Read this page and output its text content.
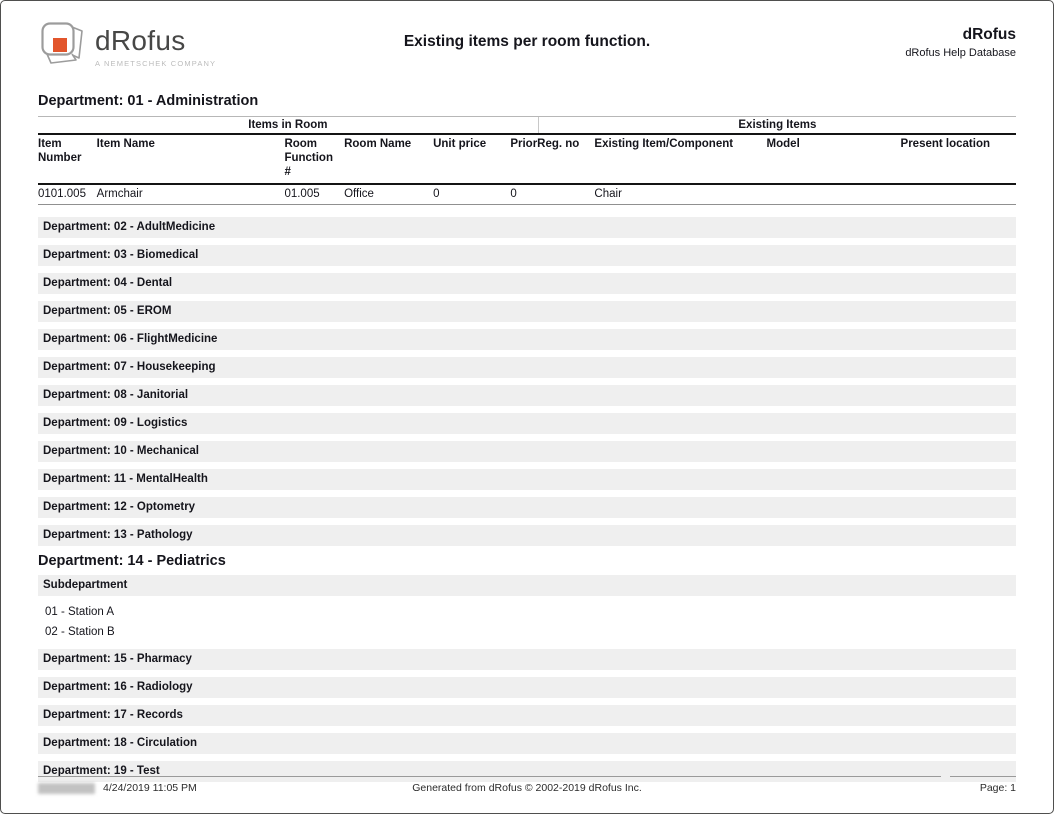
dRofus
A NEMETSCHEK COMPANY
Existing items per room function.	dRofus
dRofus Help Database
Department: 01 - Administration
Items in Room	Existing Items
Item Number	Item Name	Room Function #	Room Name	Unit price	PriorReg. no	Existing Item/Component	Model	Present location
0101.005	Armchair	01.005	Office	0	0	Chair		
Department: 02 - AdultMedicine
Department: 03 - Biomedical
Department: 04 - Dental
Department: 05 - EROM
Department: 06 - FlightMedicine
Department: 07 - Housekeeping
Department: 08 - Janitorial
Department: 09 - Logistics
Department: 10 - Mechanical
Department: 11 - MentalHealth
Department: 12 - Optometry
Department: 13 - Pathology
Department: 14 - Pediatrics
Subdepartment
01 - Station A
02 - Station B
Department: 15 - Pharmacy
Department: 16 - Radiology
Department: 17 - Records
Department: 18 - Circulation
Department: 19 - Test
4/24/2019 11:05 PM	Generated from dRofus © 2002-2019 dRofus Inc.	Page: 1
